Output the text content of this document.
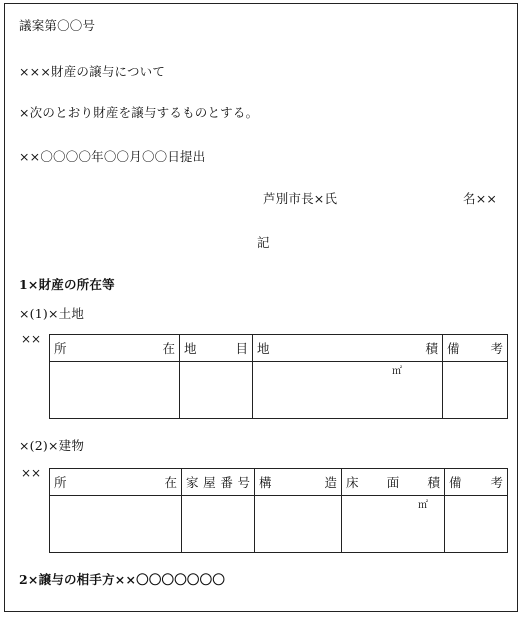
議案第〇〇号
×××財産の譲与について
×次のとおり財産を譲与するものとする。
××〇〇〇〇年〇〇月〇〇日提出
芦別市長×氏	名××
記
1×財産の所在等
×(1)×土地
××
所　　　　在	地　目	地　　　　　　積	備　考

		㎡	

×(2)×建物
××
所　　　　在	家屋番号	構　造	床面積	備　考

			㎡	

2×譲与の相手方××〇〇〇〇〇〇〇
